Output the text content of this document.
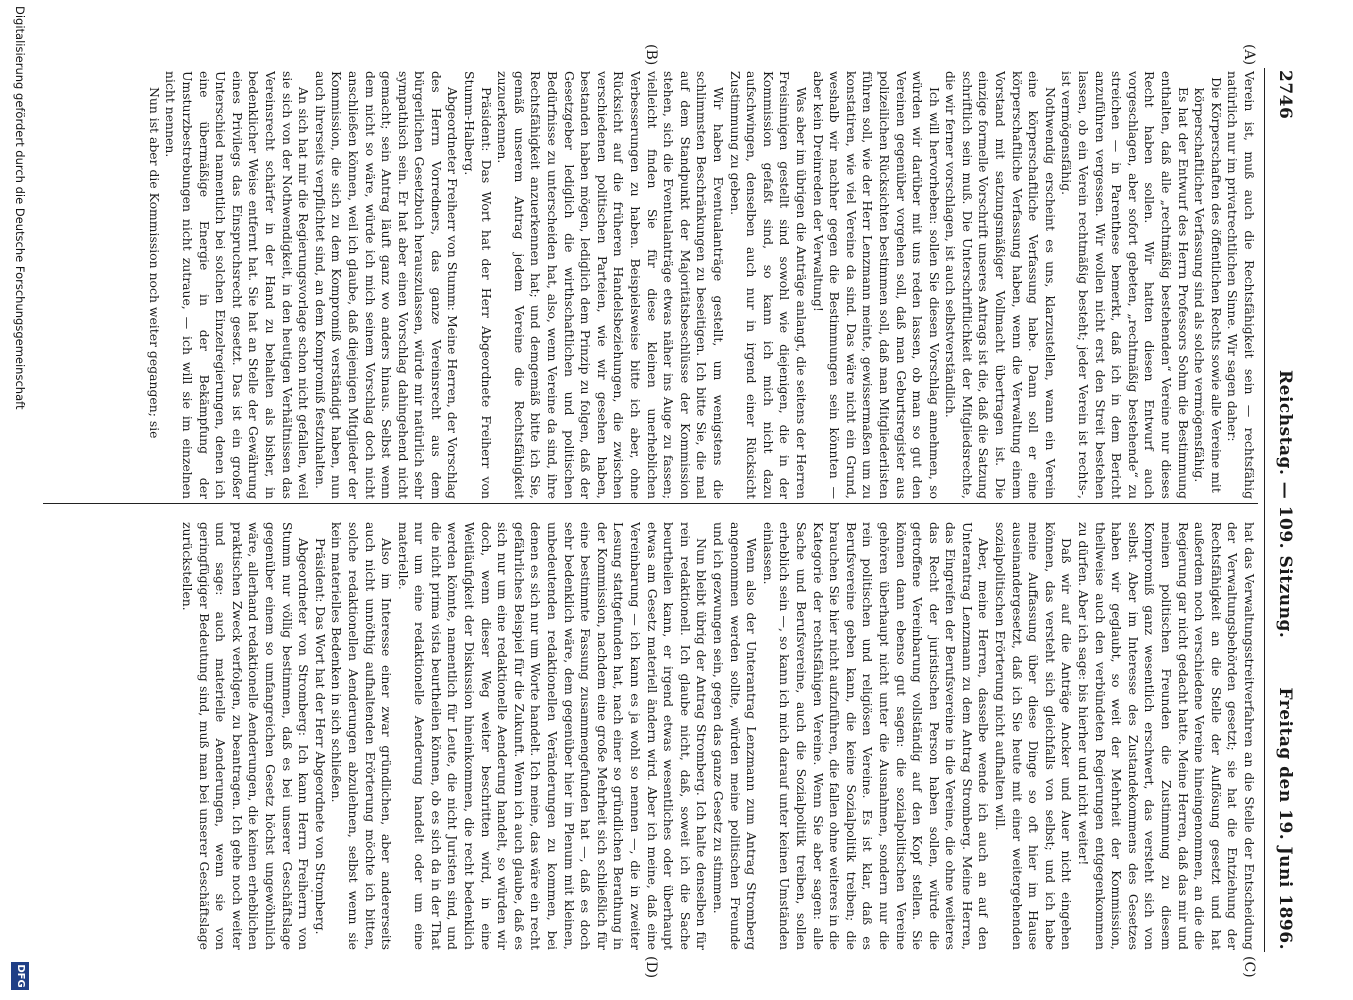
2746
Reichstag. — 109. Sitzung.
Freitag den 19. Juni 1896.
(A)
(B)
(C)
(D)

Verein ist, muß auch die Rechtsfähigkeit sein — rechtsfähig natürlich nur im privatrechtlichen Sinne. Wir sagen daher:

Die Körperschaften des öffentlichen Rechts sowie alle Vereine mit körperschaftlicher Verfassung sind als solche vermögensfähig.

Es hat der Entwurf des Herrn Professors Sohm die Bestimmung enthalten, daß alle „rechtmäßig bestehenden“ Vereine nur dieses Recht haben sollen. Wir hatten diesen Entwurf auch vorgeschlagen, aber sofort gebeten, „rechtmäßig bestehende“ zu streichen — in Parenthese bemerkt, daß ich in dem Bericht anzuführen vergessen. Wir wollen nicht erst den Streit bestehen lassen, ob ein Verein rechtmäßig besteht; jeder Verein ist rechts-, ist vermögensfähig.

Nothwendig erscheint es uns, klarzustellen, wann ein Verein eine körperschaftliche Verfassung habe. Dann soll er eine körperschaftliche Verfassung haben, wenn die Verwaltung einem Vorstand mit satzungsmäßiger Vollmacht übertragen ist. Die einzige formelle Vorschrift unseres Antrags ist die, daß die Satzung schriftlich sein muß. Die Unterschriftlichkeit der Mitgliedsrechte, die wir ferner vorschlagen, ist auch selbstverständlich.

Ich will hervorheben: sollen Sie diesen Vorschlag annehmen, so würden wir darüber mit uns reden lassen, ob man so gut den Vereinen gegenüber vorgehen soll, daß man Geburtsregister aus polizeilichen Rücksichten bestimmen soll, daß man Mitgliederlisten führen soll, wie der Herr Lenzmann meinte, gewissermaßen um zu konstatiren, wie viel Vereine da sind. Das wäre nicht ein Grund, weshalb wir nachher gegen die Bestimmungen sein könnten — aber kein Dreinreden der Verwaltung!

Was aber im übrigen die Anträge anlangt, die seitens der Herren Freisinnigen gestellt sind sowohl wie diejenigen, die in der Kommission gefaßt sind, so kann ich mich nicht dazu aufschwingen, denselben auch nur in irgend einer Rücksicht Zustimmung zu geben.

Wir haben Eventualanträge gestellt, um wenigstens die schlimmsten Beschränkungen zu beseitigen. Ich bitte Sie, die mal auf dem Standpunkt der Majoritätsbeschlüsse der Kommission stehen, sich die Eventualanträge etwas näher ins Auge zu fassen; vielleicht finden Sie für diese kleinen unerheblichen Verbesserungen zu haben. Beispielsweise bitte ich aber, ohne Rücksicht auf die früheren Handelsbeziehungen, die zwischen verschiedenen politischen Parteien, wie wir gesehen haben, bestanden haben mögen, lediglich dem Prinzip zu folgen, daß der Gesetzgeber lediglich die wirthschaftlichen und politischen Bedürfnisse zu unterscheiden hat, also, wenn Vereine da sind, ihre Rechtsfähigkeit anzuerkennen hat; und demgemäß bitte ich Sie, gemäß unserem Antrag jedem Vereine die Rechtsfähigkeit zuzuerkennen.

Präsident: Das Wort hat der Herr Abgeordnete Freiherr von Stumm-Halberg.

Abgeordneter Freiherr von Stumm: Meine Herren, der Vorschlag des Herrn Vorredners, das ganze Vereinsrecht aus dem bürgerlichen Gesetzbuch herauszulassen, würde mir natürlich sehr sympathisch sein. Er hat aber einen Vorschlag dahingehend nicht gemacht; sein Antrag läuft ganz wo anders hinaus. Selbst wenn dem nicht so wäre, würde ich mich seinem Vorschlag doch nicht anschließen können, weil ich glaube, daß diejenigen Mitglieder der Kommission, die sich zu dem Kompromiß verständigt haben, nun auch ihrerseits verpflichtet sind, an dem Kompromiß festzuhalten.

An sich hat mir die Regierungsvorlage schon nicht gefallen, weil sie sich von der Nothwendigkeit, in den heutigen Verhältnissen das Vereinsrecht schärfer in der Hand zu behalten als bisher, in bedenklicher Weise entfernt hat. Sie hat an Stelle der Gewährung eines Privilegs das Einspruchsrecht gesetzt. Das ist ein großer Unterschied namentlich bei solchen Einzelregierungen, denen ich eine übermäßige Energie in der Bekämpfung der Umsturzbestrebungen nicht zutraue, — ich will sie im einzelnen nicht nennen.

Nun ist aber die Kommission noch weiter gegangen; sie

hat das Verwaltungsstreitverfahren an die Stelle der Entscheidung der Verwaltungsbehörden gesetzt; sie hat die Entziehung der Rechtsfähigkeit an die Stelle der Auflösung gesetzt und hat außerdem noch verschiedene Vereine hineingenommen, an die die Regierung gar nicht gedacht hatte. Meine Herren, daß das mir und meinen politischen Freunden die Zustimmung zu diesem Kompromiß ganz wesentlich erschwert, das versteht sich von selbst. Aber im Interesse des Zustandekommens des Gesetzes haben wir geglaubt, so weit der Mehrheit der Kommission, theilweise auch den verbündeten Regierungen entgegenkommen zu dürfen. Aber ich sage: bis hierher und nicht weiter!

Daß wir auf die Anträge Ancker und Auer nicht eingehen können, das versteht sich gleichfalls von selbst; und ich habe meine Auffassung über diese Dinge so oft hier im Hause auseinandergesetzt, daß ich Sie heute mit einer weitergehenden sozialpolitischen Erörterung nicht aufhalten will.

Aber, meine Herren, dasselbe wende ich auch an auf den Unterantrag Lenzmann zu dem Antrag Stromberg. Meine Herren, das Eingreifen der Berufsvereine in die Vereine, die ohne weiteres das Recht der juristischen Person haben sollen, würde die getroffene Vereinbarung vollständig auf den Kopf stellen. Sie können dann ebenso gut sagen: die sozialpolitischen Vereine gehören überhaupt nicht unter die Ausnahmen, sondern nur die rein politischen und religiösen Vereine. Es ist klar, daß es Berufsvereine geben kann, die keine Sozialpolitik treiben; die brauchen Sie hier nicht aufzuführen, die fallen ohne weiteres in die Kategorie der rechtsfähigen Vereine. Wenn Sie aber sagen: alle Sache und Berufsvereine, auch die Sozialpolitik treiben, sollen erheblich sein —, so kann ich mich darauf unter keinen Umständen einlassen.

Wenn also der Unterantrag Lenzmann zum Antrag Stromberg angenommen werden sollte, würden meine politischen Freunde und ich gezwungen sein, gegen das ganze Gesetz zu stimmen.

Nun bleibt übrig der Antrag Stromberg. Ich halte denselben für rein redaktionell. Ich glaube nicht, daß, soweit ich die Sache beurtheilen kann, er irgend etwas wesentliches oder überhaupt etwas am Gesetz materiell ändern wird. Aber ich meine, daß eine Vereinbarung — ich kann es ja wohl so nennen —, die in zweiter Lesung stattgefunden hat, nach einer so gründlichen Berathung in der Kommission, nachdem eine große Mehrheit sich schließlich für eine bestimmte Fassung zusammengefunden hat —, daß es doch sehr bedenklich wäre, dem gegenüber hier im Plenum mit kleinen, unbedeutenden redaktionellen Veränderungen zu kommen, bei denen es sich nur um Worte handelt. Ich meine, das wäre ein recht gefährliches Beispiel für die Zukunft. Wenn ich auch glaube, daß es sich nur um eine redaktionelle Aenderung handelt, so würden wir doch, wenn dieser Weg weiter beschritten wird, in eine Weitläufigkeit der Diskussion hineinkommen, die recht bedenklich werden könnte, namentlich für Leute, die nicht Juristen sind, und die nicht prima vista beurtheilen können, ob es sich da in der That nur um eine redaktionelle Aenderung handelt oder um eine materielle.

Also im Interesse einer zwar gründlichen, aber andererseits auch nicht unnöthig aufhaltenden Erörterung möchte ich bitten, solche redaktionellen Aenderungen abzulehnen, selbst wenn sie kein materielles Bedenken in sich schließen.

Präsident: Das Wort hat der Herr Abgeordnete von Stromberg.

Abgeordneter von Stromberg: Ich kann Herrn Freiherrn von Stumm nur völlig bestimmen, daß es bei unserer Geschäftslage gegenüber einem so umfangreichen Gesetz höchst ungewöhnlich wäre, allerhand redaktionelle Aenderungen, die keinen erheblichen praktischen Zweck verfolgen, zu beantragen. Ich gehe noch weiter und sage: auch materielle Aenderungen, wenn sie von geringfügiger Bedeutung sind, muß man bei unserer Geschäftslage zurückstellen.

Digitalisierung gefördert durch die Deutsche Forschungsgemeinschaft
DFG
